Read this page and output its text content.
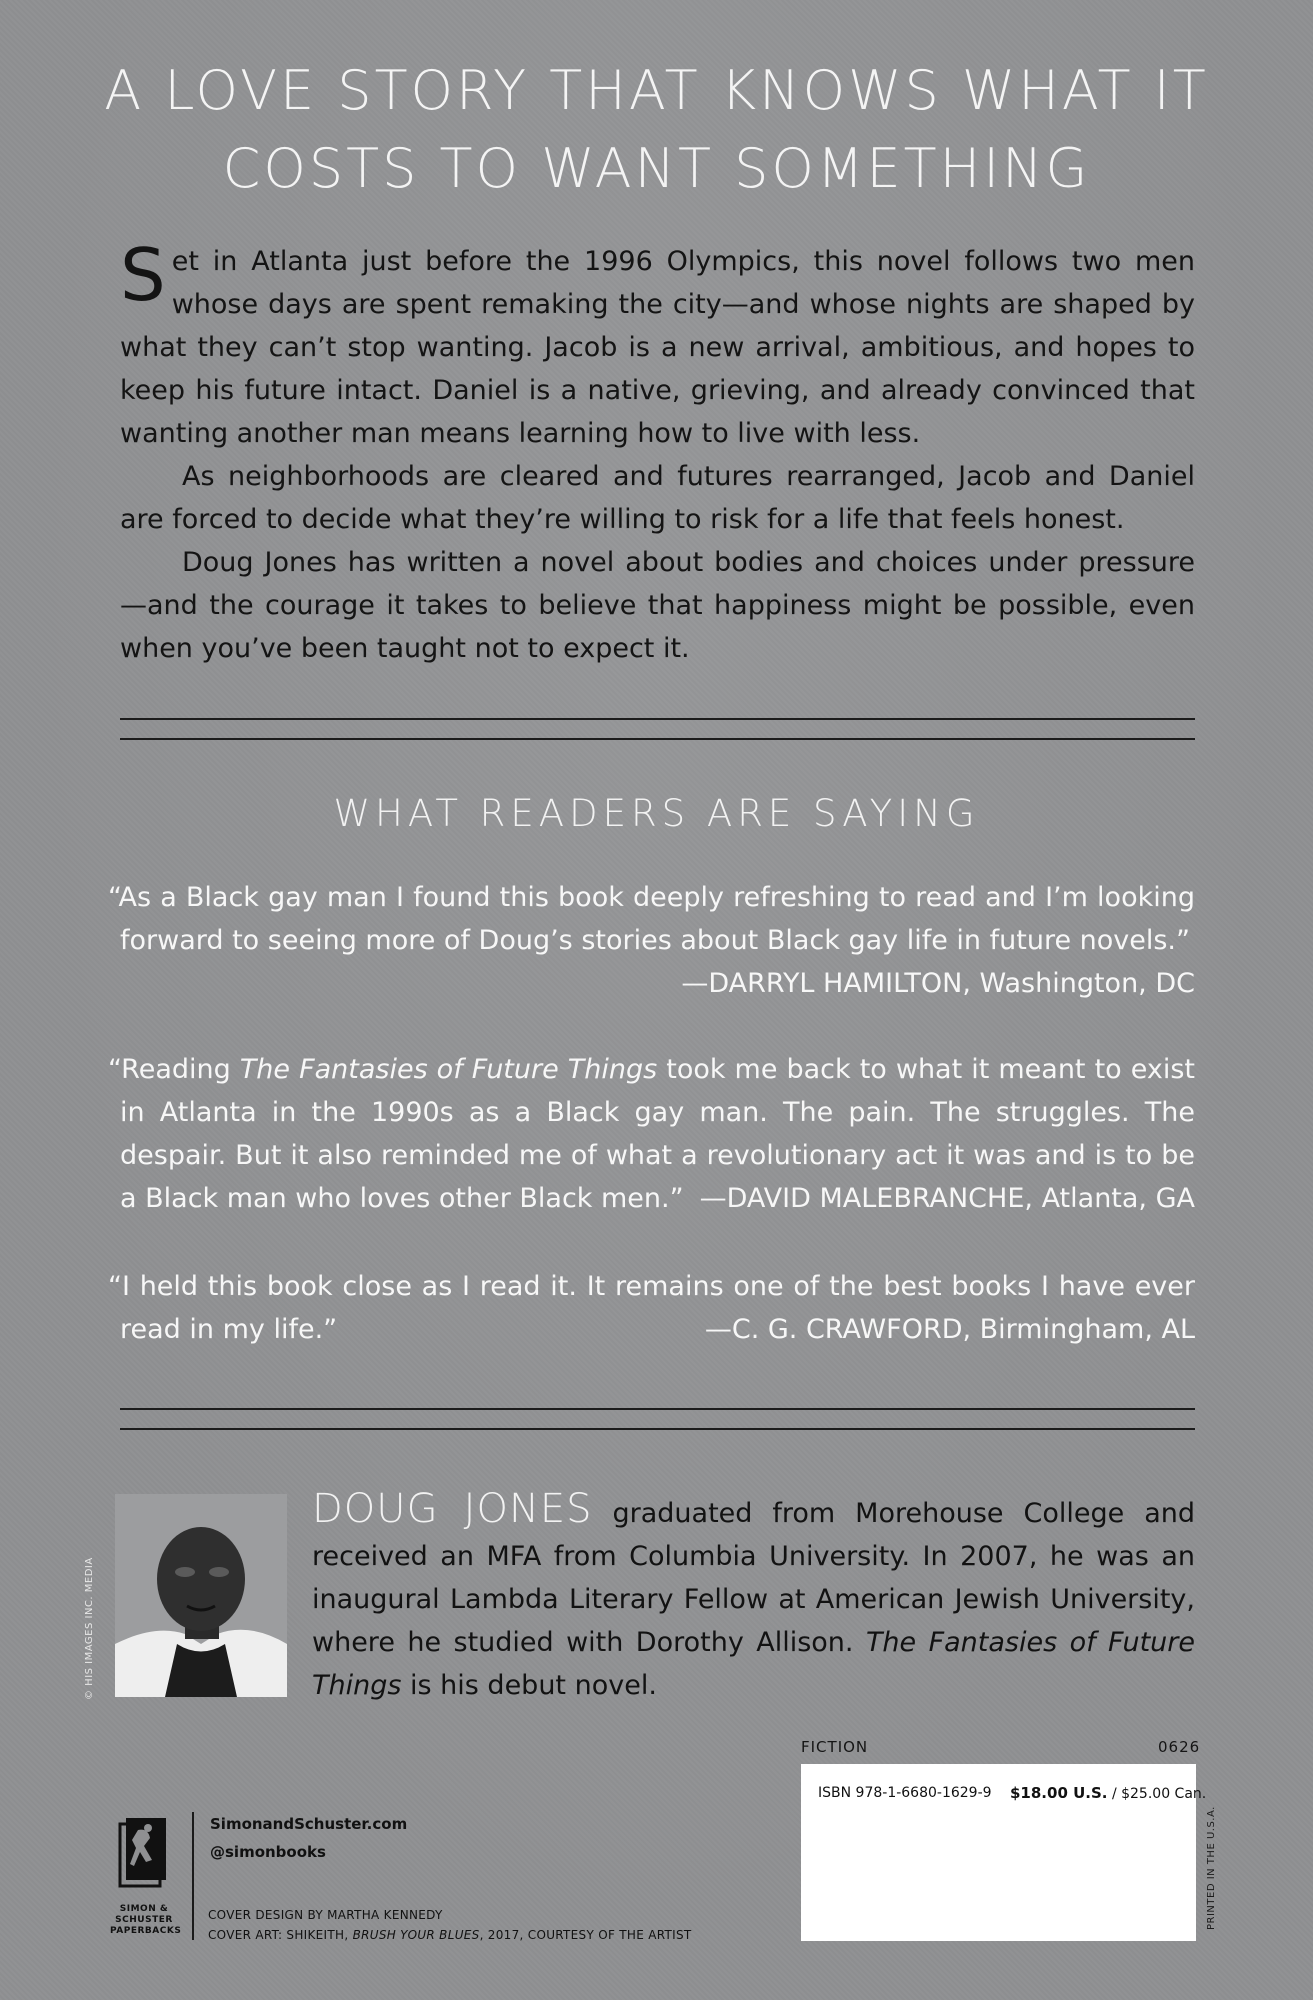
A LOVE STORY THAT KNOWS WHAT IT
COSTS TO WANT SOMETHING

Set in Atlanta just before the 1996 Olympics, this novel follows two men whose days are spent remaking the city—and whose nights are shaped by what they can’t stop wanting. Jacob is a new arrival, ambitious, and hopes to keep his future intact. Daniel is a native, grieving, and already convinced that wanting another man means learning how to live with less.

As neighborhoods are cleared and futures rearranged, Jacob and Daniel are forced to decide what they’re willing to risk for a life that feels honest.

Doug Jones has written a novel about bodies and choices under pressure—and the courage it takes to believe that happiness might be possible, even when you’ve been taught not to expect it.

WHAT READERS ARE SAYING

“As a Black gay man I found this book deeply refreshing to read and I’m looking forward to seeing more of Doug’s stories about Black gay life in future novels.”

—DARRYL HAMILTON, Washington, DC

“Reading The Fantasies of Future Things took me back to what it meant to exist in Atlanta in the 1990s as a Black gay man. The pain. The struggles. The despair. But it also reminded me of what a revolutionary act it was and is to be a Black man who loves other Black men.” —DAVID MALEBRANCHE, Atlanta, GA

“I held this book close as I read it. It remains one of the best books I have ever read in my life.”	—C. G. CRAWFORD, Birmingham, AL

© HIS IMAGES INC. MEDIA

DOUG JONES graduated from Morehouse College and received an MFA from Columbia University. In 2007, he was an inaugural Lambda Literary Fellow at American Jewish University, where he studied with Dorothy Allison. The Fantasies of Future Things is his debut novel.

FICTION	0626
ISBN 978-1-6680-1629-9 $18.00 U.S. / $25.00 Can.
PRINTED IN THE U.S.A.
SIMON &
SCHUSTER
PAPERBACKS
SimonandSchuster.com
@simonbooks
COVER DESIGN BY MARTHA KENNEDY
COVER ART: SHIKEITH, BRUSH YOUR BLUES, 2017, COURTESY OF THE ARTIST
